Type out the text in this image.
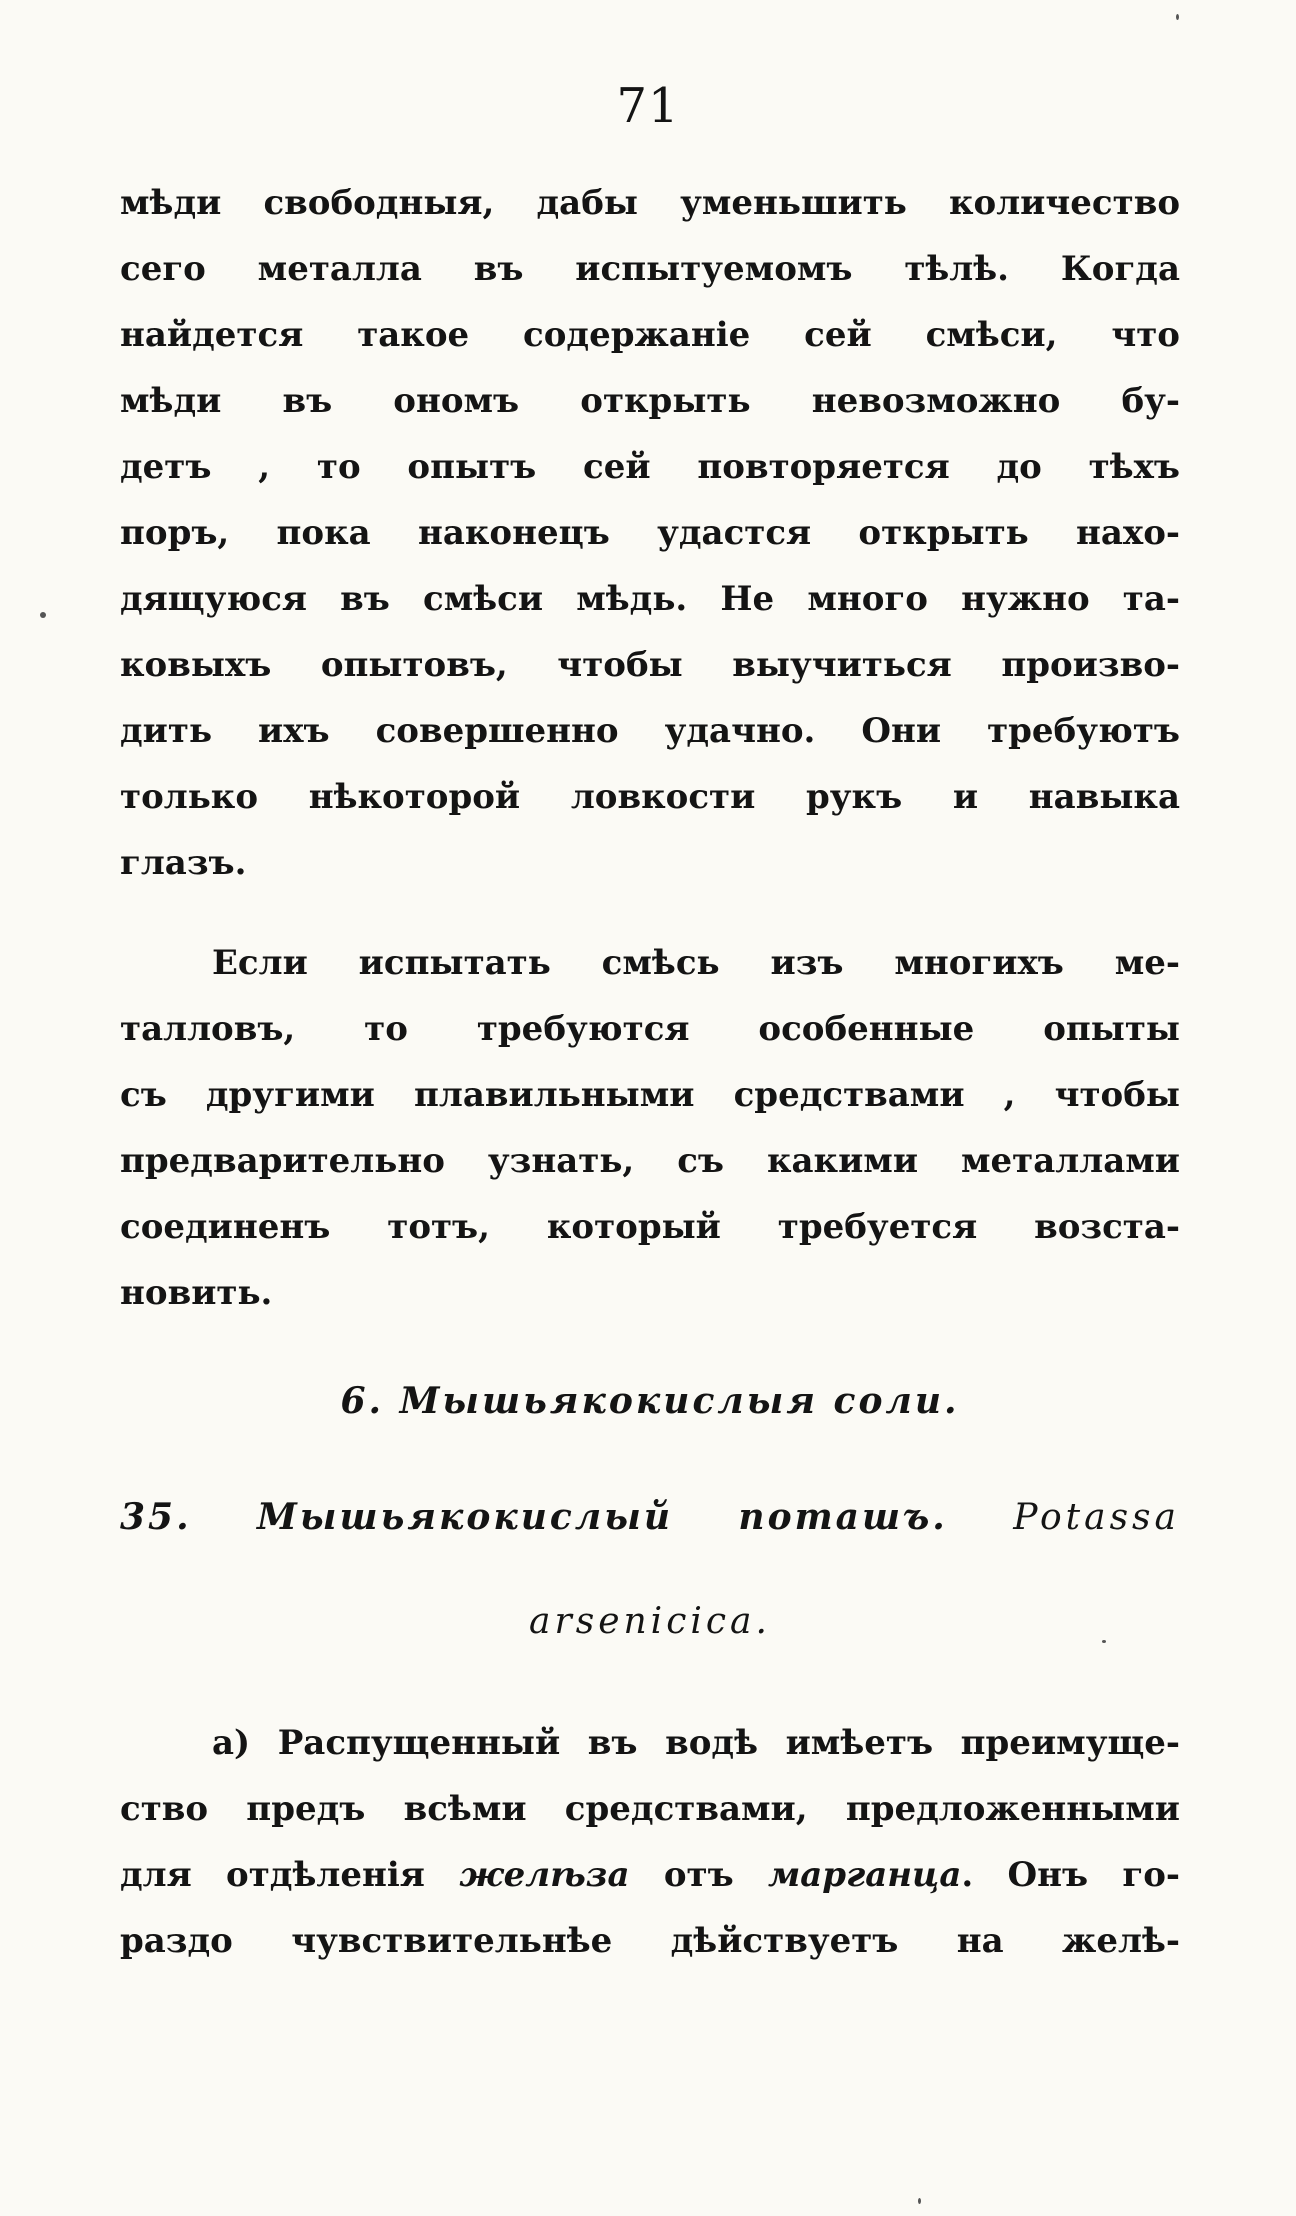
71
мѣди свободныя, дабы уменьшить количество
сего металла въ испытуемомъ тѣлѣ. Когда
найдется такое содержаніе сей смѣси, что
мѣди въ ономъ открыть невозможно бу-
детъ , то опытъ сей повторяется до тѣхъ
поръ, пока наконецъ удастся открыть нахо-
дящуюся въ смѣси мѣдь. Не много нужно та-
ковыхъ опытовъ, чтобы выучиться произво-
дить ихъ совершенно удачно. Они требуютъ
только нѣкоторой ловкости рукъ и навыка
глазъ.
Если испытать смѣсь изъ многихъ ме-
талловъ, то требуются особенные опыты
съ другими плавильными средствами , чтобы
предварительно узнать, съ какими металлами
соединенъ тотъ, который требуется возста-
новить.
6. Мышьякокислыя соли.
35. Мышьякокислый поташъ. Potassa
arsenicica.
а) Распущенный въ водѣ имѣетъ преимуще-
ство предъ всѣми средствами, предложенными
для отдѣленія желѣза отъ марганца. Онъ го-
раздо чувствительнѣе дѣйствуетъ на желѣ-
